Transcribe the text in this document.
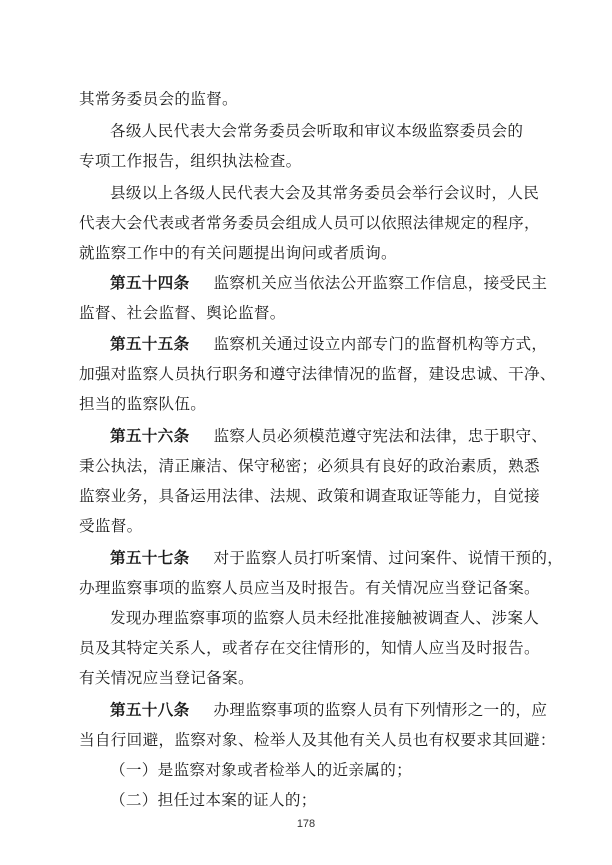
其常务委员会的监督。
各级人民代表大会常务委员会听取和审议本级监察委员会的
专项工作报告，组织执法检查。
县级以上各级人民代表大会及其常务委员会举行会议时，人民
代表大会代表或者常务委员会组成人员可以依照法律规定的程序，
就监察工作中的有关问题提出询问或者质询。
第五十四条 监察机关应当依法公开监察工作信息，接受民主
监督、社会监督、舆论监督。
第五十五条 监察机关通过设立内部专门的监督机构等方式，
加强对监察人员执行职务和遵守法律情况的监督，建设忠诚、干净、
担当的监察队伍。
第五十六条 监察人员必须模范遵守宪法和法律，忠于职守、
秉公执法，清正廉洁、保守秘密；必须具有良好的政治素质，熟悉
监察业务，具备运用法律、法规、政策和调查取证等能力，自觉接
受监督。
第五十七条 对于监察人员打听案情、过问案件、说情干预的，
办理监察事项的监察人员应当及时报告。有关情况应当登记备案。
发现办理监察事项的监察人员未经批准接触被调查人、涉案人
员及其特定关系人，或者存在交往情形的，知情人应当及时报告。
有关情况应当登记备案。
第五十八条 办理监察事项的监察人员有下列情形之一的，应
当自行回避，监察对象、检举人及其他有关人员也有权要求其回避：
（一）是监察对象或者检举人的近亲属的；
（二）担任过本案的证人的；
178
